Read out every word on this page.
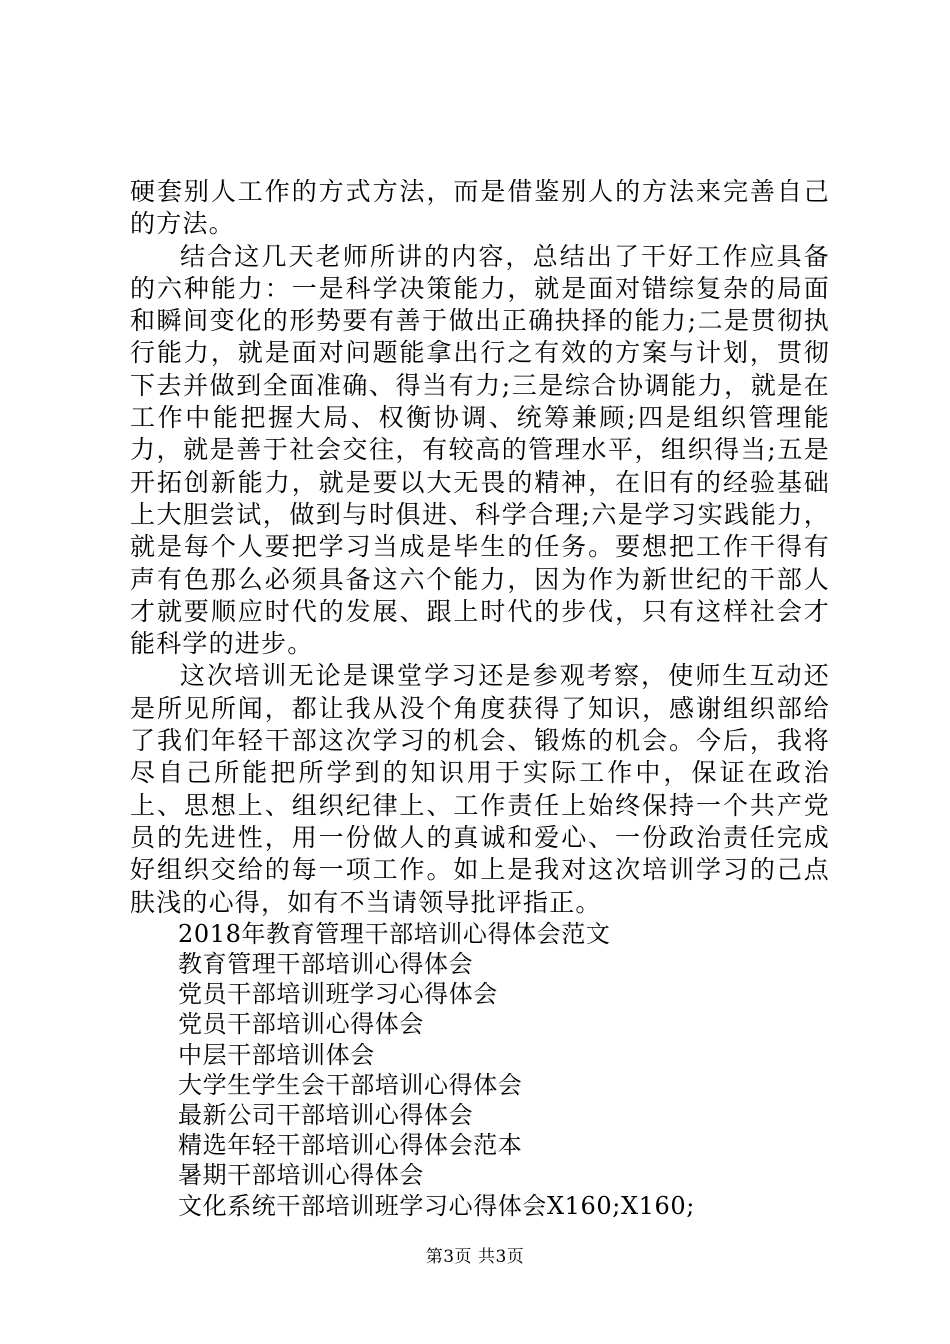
硬套别人工作的方式方法，而是借鉴别人的方法来完善自己的方法。

结合这几天老师所讲的内容，总结出了干好工作应具备的六种能力：一是科学决策能力，就是面对错综复杂的局面和瞬间变化的形势要有善于做出正确抉择的能力;二是贯彻执行能力，就是面对问题能拿出行之有效的方案与计划，贯彻下去并做到全面准确、得当有力;三是综合协调能力，就是在工作中能把握大局、权衡协调、统筹兼顾;四是组织管理能力，就是善于社会交往，有较高的管理水平，组织得当;五是开拓创新能力，就是要以大无畏的精神，在旧有的经验基础上大胆尝试，做到与时俱进、科学合理;六是学习实践能力，就是每个人要把学习当成是毕生的任务。要想把工作干得有声有色那么必须具备这六个能力，因为作为新世纪的干部人才就要顺应时代的发展、跟上时代的步伐，只有这样社会才能科学的进步。

这次培训无论是课堂学习还是参观考察，使师生互动还是所见所闻，都让我从没个角度获得了知识，感谢组织部给了我们年轻干部这次学习的机会、锻炼的机会。今后，我将尽自己所能把所学到的知识用于实际工作中，保证在政治上、思想上、组织纪律上、工作责任上始终保持一个共产党员的先进性，用一份做人的真诚和爱心、一份政治责任完成好组织交给的每一项工作。如上是我对这次培训学习的己点肤浅的心得，如有不当请领导批评指正。

2018年教育管理干部培训心得体会范文
教育管理干部培训心得体会
党员干部培训班学习心得体会
党员干部培训心得体会
中层干部培训体会
大学生学生会干部培训心得体会
最新公司干部培训心得体会
精选年轻干部培训心得体会范本
暑期干部培训心得体会
文化系统干部培训班学习心得体会X160;X160;
第3页 共3页
